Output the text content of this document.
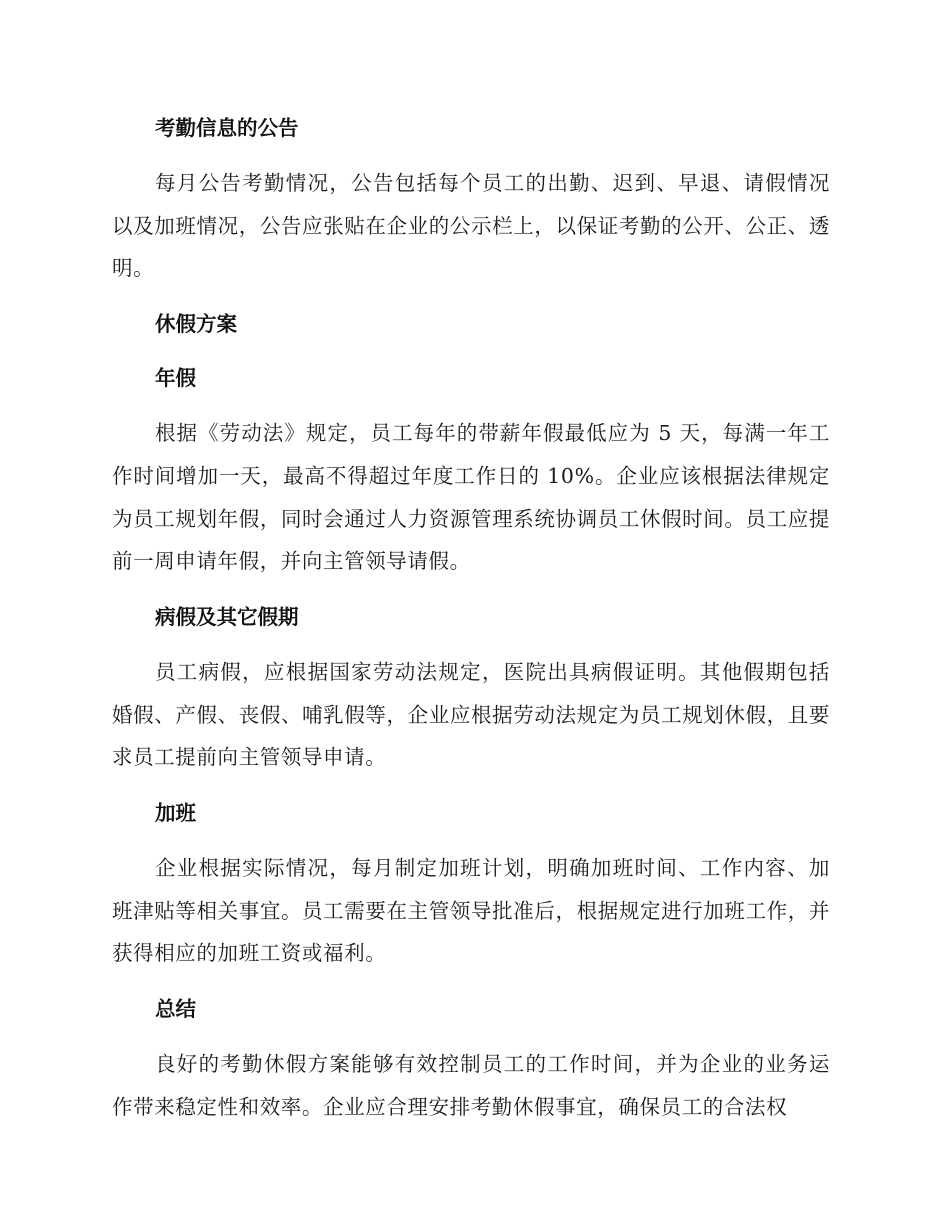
考勤信息的公告
每月公告考勤情况，公告包括每个员工的出勤、迟到、早退、请假情况以及加班情况，公告应张贴在企业的公示栏上，以保证考勤的公开、公正、透明。
休假方案
年假
根据《劳动法》规定，员工每年的带薪年假最低应为 5 天，每满一年工作时间增加一天，最高不得超过年度工作日的 10%。企业应该根据法律规定为员工规划年假，同时会通过人力资源管理系统协调员工休假时间。员工应提前一周申请年假，并向主管领导请假。
病假及其它假期
员工病假，应根据国家劳动法规定，医院出具病假证明。其他假期包括婚假、产假、丧假、哺乳假等，企业应根据劳动法规定为员工规划休假，且要求员工提前向主管领导申请。
加班
企业根据实际情况，每月制定加班计划，明确加班时间、工作内容、加班津贴等相关事宜。员工需要在主管领导批准后，根据规定进行加班工作，并获得相应的加班工资或福利。
总结
良好的考勤休假方案能够有效控制员工的工作时间，并为企业的业务运作带来稳定性和效率。企业应合理安排考勤休假事宜，确保员工的合法权
